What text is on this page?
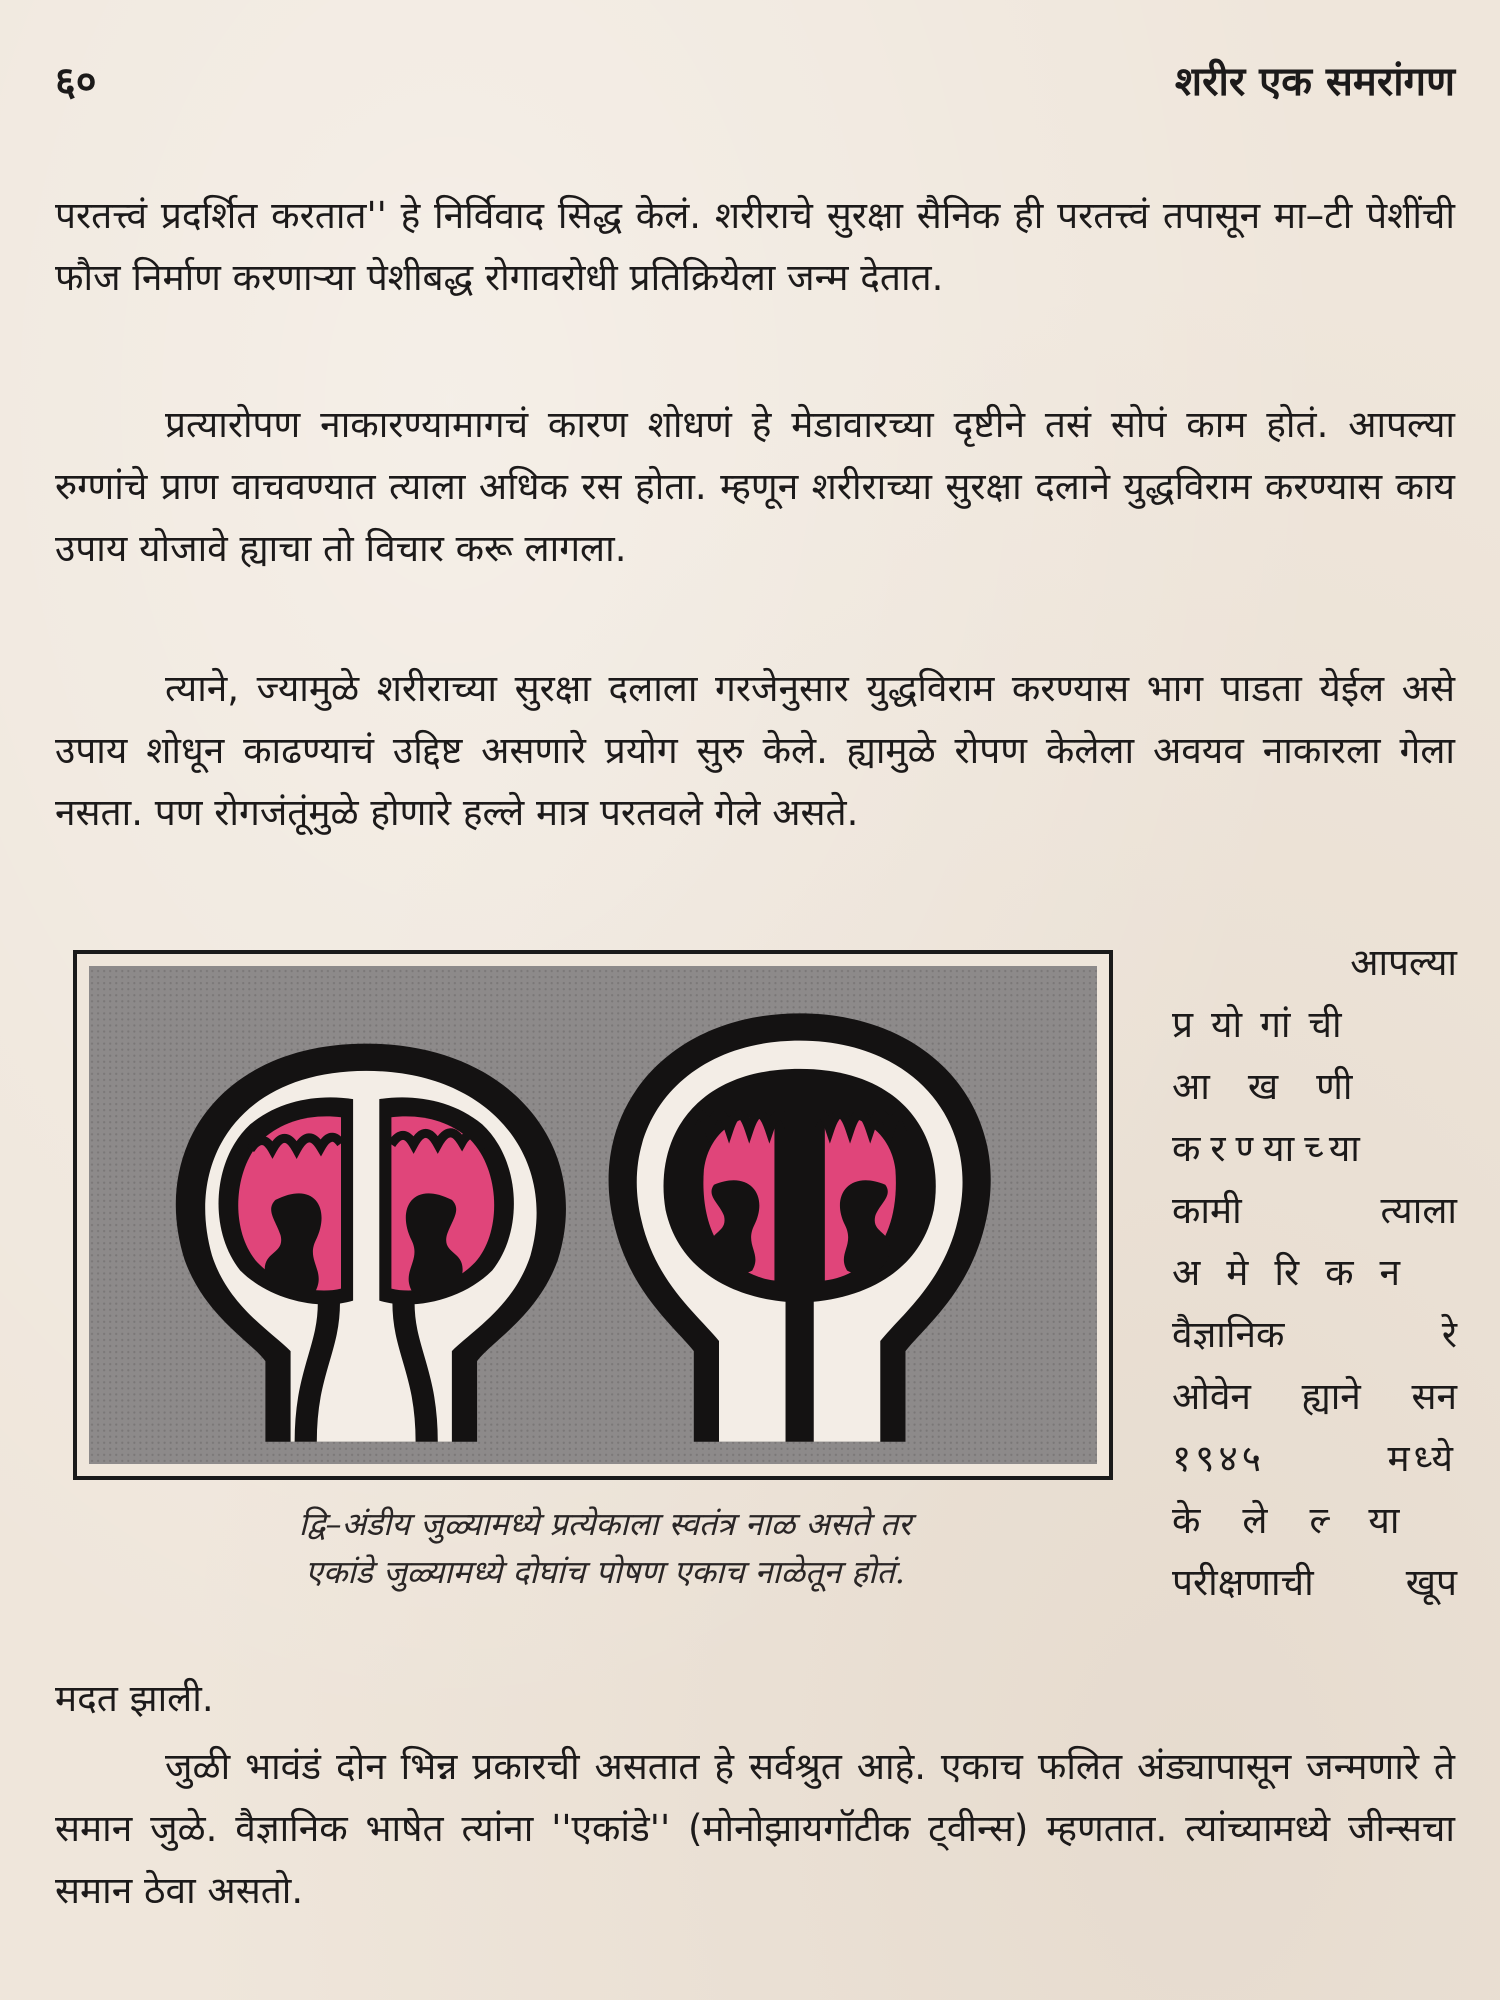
६०	शरीर एक समरांगण

परतत्त्वं प्रदर्शित करतात'' हे निर्विवाद सिद्ध केलं. शरीराचे सुरक्षा सैनिक ही परतत्त्वं तपासून मा–टी पेशींची फौज निर्माण करणाऱ्या पेशीबद्ध रोगावरोधी प्रतिक्रियेला जन्म देतात.

प्रत्यारोपण नाकारण्यामागचं कारण शोधणं हे मेडावारच्या दृष्टीने तसं सोपं काम होतं. आपल्या रुग्णांचे प्राण वाचवण्यात त्याला अधिक रस होता. म्हणून शरीराच्या सुरक्षा दलाने युद्धविराम करण्यास काय उपाय योजावे ह्याचा तो विचार करू लागला.

त्याने, ज्यामुळे शरीराच्या सुरक्षा दलाला गरजेनुसार युद्धविराम करण्यास भाग पाडता येईल असे उपाय शोधून काढण्याचं उद्दिष्ट असणारे प्रयोग सुरु केले. ह्यामुळे रोपण केलेला अवयव नाकारला गेला नसता. पण रोगजंतूंमुळे होणारे हल्ले मात्र परतवले गेले असते.

द्वि–अंडीय जुळ्यामध्ये प्रत्येकाला स्वतंत्र नाळ असते तर
एकांडे जुळ्यामध्ये दोघांच पोषण एकाच नाळेतून होतं.

आपल्या
प्रयोगांची
आखणी
करण्याच्या
कामी त्याला
अमेरिकन
वैज्ञानिक रे
ओवेन ह्याने सन
१९४५ मध्ये
केलेल्या
परीक्षणाची खूप

मदत झाली.

जुळी भावंडं दोन भिन्न प्रकारची असतात हे सर्वश्रुत आहे. एकाच फलित अंड्यापासून जन्मणारे ते समान जुळे. वैज्ञानिक भाषेत त्यांना ''एकांडे'' (मोनोझायगॉटीक ट्वीन्स) म्हणतात. त्यांच्यामध्ये जीन्सचा समान ठेवा असतो.
